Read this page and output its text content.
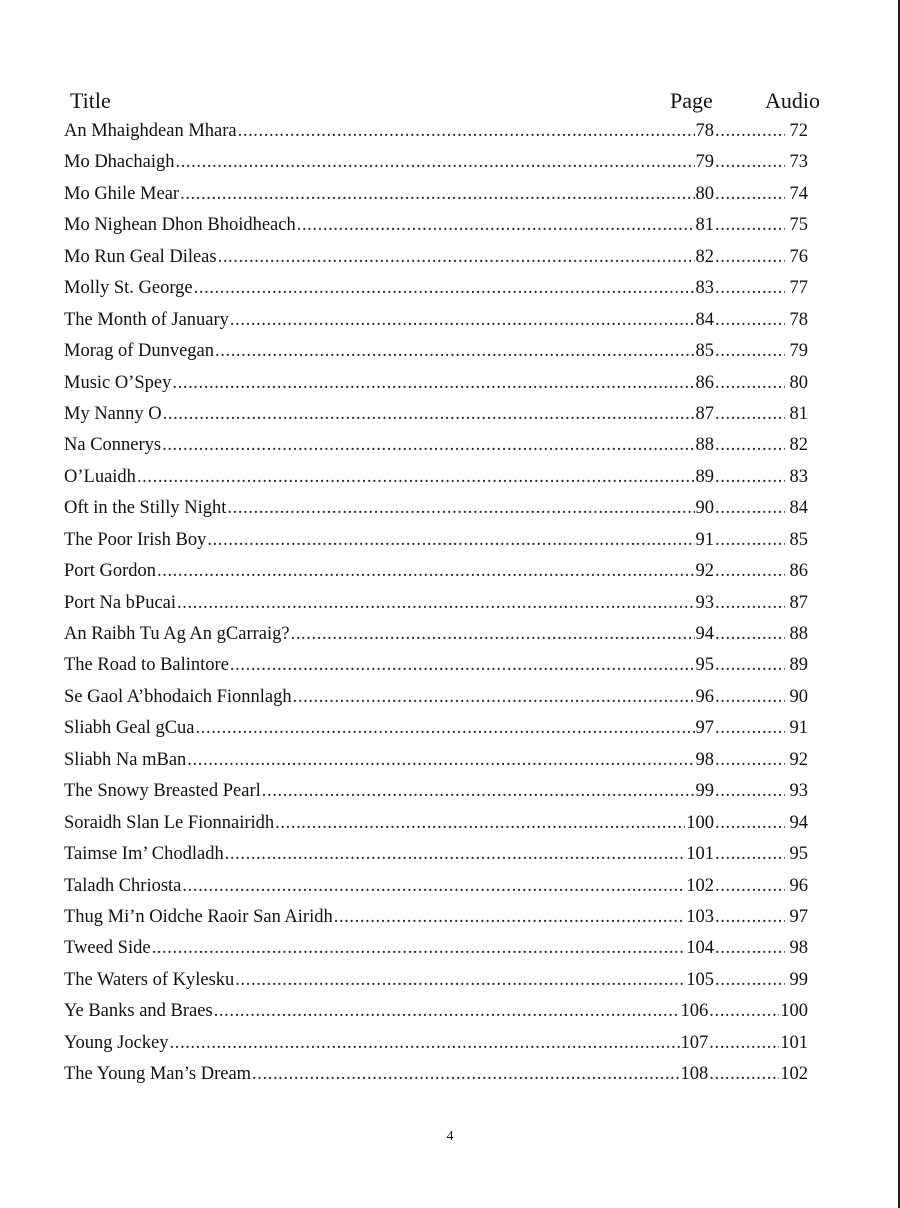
Title	Page Audio
An Mhaighdean Mhara .....	78 .....	72
Mo Dhachaigh .....	79 .....	73
Mo Ghile Mear .....	80 .....	74
Mo Nighean Dhon Bhoidheach .....	81 .....	75
Mo Run Geal Dileas .....	82 .....	76
Molly St. George .....	83 .....	77
The Month of January .....	84 .....	78
Morag of Dunvegan .....	85 .....	79
Music O’Spey .....	86 .....	80
My Nanny O .....	87 .....	81
Na Connerys .....	88 .....	82
O’Luaidh .....	89 .....	83
Oft in the Stilly Night .....	90 .....	84
The Poor Irish Boy .....	91 .....	85
Port Gordon .....	92 .....	86
Port Na bPucai .....	93 .....	87
An Raibh Tu Ag An gCarraig? .....	94 .....	88
The Road to Balintore .....	95 .....	89
Se Gaol A’bhodaich Fionnlagh .....	96 .....	90
Sliabh Geal gCua .....	97 .....	91
Sliabh Na mBan .....	98 .....	92
The Snowy Breasted Pearl .....	99 .....	93
Soraidh Slan Le Fionnairidh .....	100 .....	94
Taimse Im’ Chodladh .....	101 .....	95
Taladh Chriosta .....	102 .....	96
Thug Mi’n Oidche Raoir San Airidh .....	103 .....	97
Tweed Side .....	104 .....	98
The Waters of Kylesku .....	105 .....	99
Ye Banks and Braes .....	106 .....	100
Young Jockey .....	107 .....	101
The Young Man’s Dream .....	108 .....	102
4
